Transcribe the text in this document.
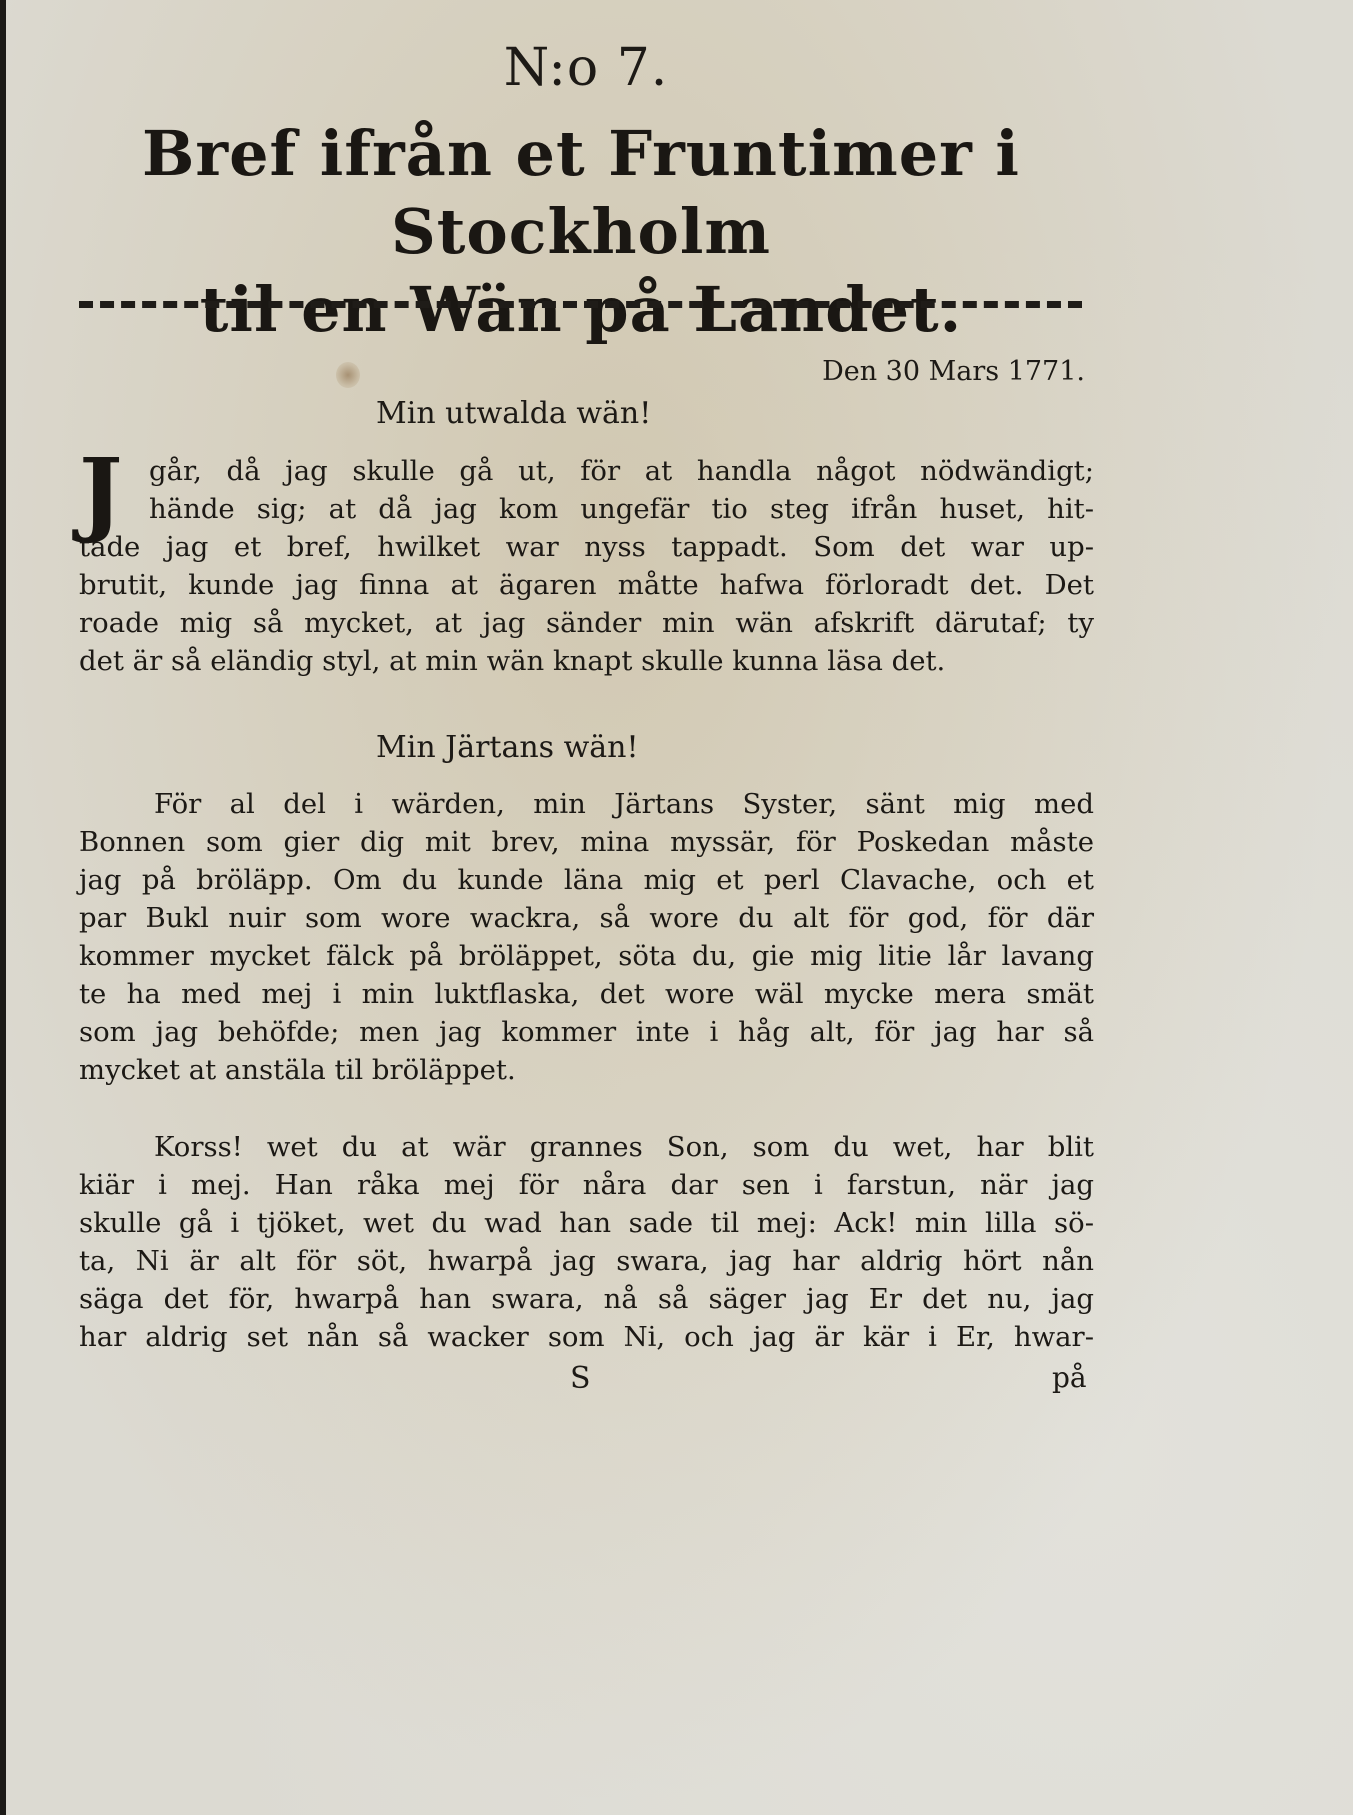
N:o 7.
Bref ifrån et Fruntimer i Stockholm
til en Wän på Landet.
Den 30 Mars 1771.
Min utwalda wän!
J går, då jag skulle gå ut, för at handla något nödwändigt;
hände sig; at då jag kom ungefär tio steg ifrån huset, hit-
tade jag et bref, hwilket war nyss tappadt. Som det war up-
brutit, kunde jag finna at ägaren måtte hafwa förloradt det. Det
roade mig så mycket, at jag sänder min wän afskrift därutaf; ty
det är så eländig styl, at min wän knapt skulle kunna läsa det.
Min Järtans wän!
För al del i wärden, min Järtans Syster, sänt mig med
Bonnen som gier dig mit brev, mina myssär, för Poskedan måste
jag på bröläpp. Om du kunde läna mig et perl Clavache, och et
par Bukl nuir som wore wackra, så wore du alt för god, för där
kommer mycket fälck på bröläppet, söta du, gie mig litie lår lavang
te ha med mej i min luktflaska, det wore wäl mycke mera smät
som jag behöfde; men jag kommer inte i håg alt, för jag har så
mycket at anstäla til bröläppet.
Korss! wet du at wär grannes Son, som du wet, har blit
kiär i mej. Han råka mej för nåra dar sen i farstun, när jag
skulle gå i tjöket, wet du wad han sade til mej: Ack! min lilla sö-
ta, Ni är alt för söt, hwarpå jag swara, jag har aldrig hört nån
säga det för, hwarpå han swara, nå så säger jag Er det nu, jag
har aldrig set nån så wacker som Ni, och jag är kär i Er, hwar-
S	på
